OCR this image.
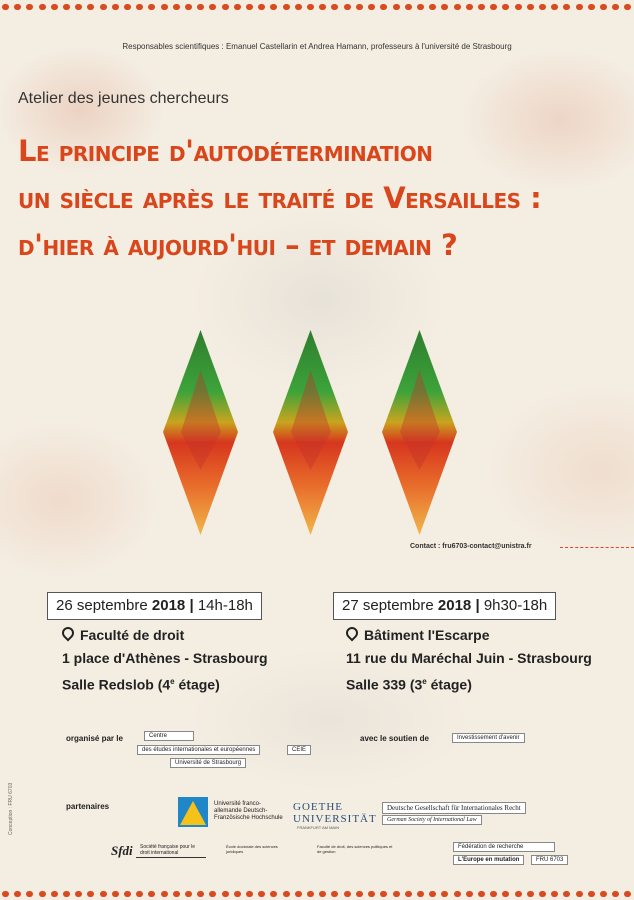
Responsables scientifiques : Emanuel Castellarin et Andrea Hamann, professeurs à l'université de Strasbourg
Atelier des jeunes chercheurs
Le principe d'autodétermination
un siècle après le traité de Versailles :
d'hier à aujourd'hui – et demain ?
Contact : fru6703-contact@unistra.fr
26 septembre 2018 | 14h-18h
Faculté de droit
1 place d'Athènes - Strasbourg
Salle Redslob (4e étage)
27 septembre 2018 | 9h30-18h
Bâtiment l'Escarpe
11 rue du Maréchal Juin - Strasbourg
Salle 339 (3e étage)
organisé par le	Centre
des études internationales et européennes	CEIE
Université de Strasbourg
avec le soutien de	Investissement d'avenir
partenaires	Université franco-allemande Deutsch-Französische Hochschule
GOETHE
UNIVERSITÄT
FRANKFURT AM MAIN
Deutsche Gesellschaft für Internationales Recht
German Society of International Law
Sfdi	Société française pour le droit international
École doctorale des sciences juridiques
Faculté de droit, des sciences politiques et de gestion
Fédération de recherche
L'Europe en mutation	FRU 6703
Conception : FRU 6703
